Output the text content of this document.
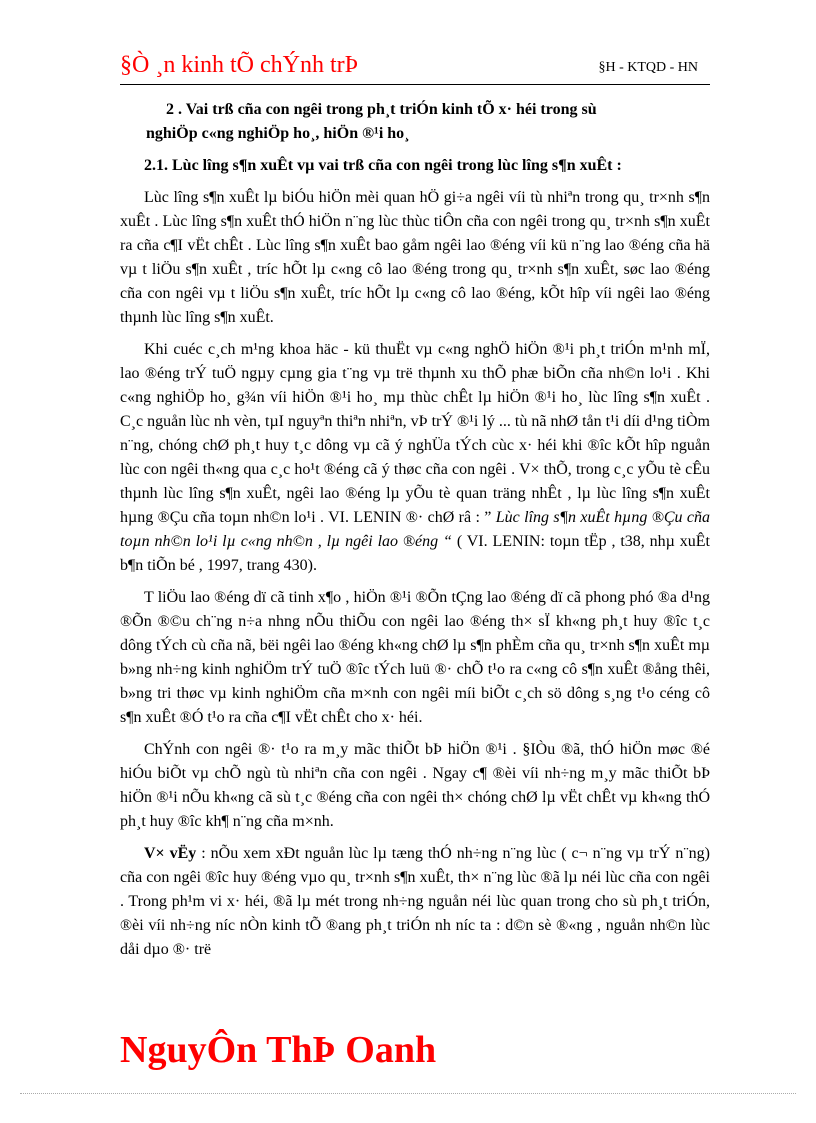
§Ò ¸n kinh tÕ chÝnh trÞ	§H - KTQD - HN
2 . Vai trß cña con ngêi trong ph¸t triÓn kinh tÕ x· héi trong sù
nghiÖp c«ng nghiÖp ho¸, hiÖn ®¹i ho¸
2.1. Lùc lîng s¶n xuÊt vµ vai trß cña con ngêi trong lùc lîng s¶n xuÊt :

Lùc lîng s¶n xuÊt lµ biÓu hiÖn mèi quan hÖ gi÷a ngêi víi tù nhiªn trong qu¸ tr×nh s¶n xuÊt . Lùc lîng s¶n xuÊt thÓ hiÖn n¨ng lùc thùc tiÔn cña con ngêi trong qu¸ tr×nh s¶n xuÊt ra cña c¶I vËt chÊt . Lùc lîng s¶n xuÊt bao gåm ngêi lao ®éng víi kü n¨ng lao ®éng cña hä vµ t liÖu s¶n xuÊt , tríc hÕt lµ c«ng cô lao ®éng trong qu¸ tr×nh s¶n xuÊt, søc lao ®éng cña con ngêi vµ t liÖu s¶n xuÊt, tríc hÕt lµ c«ng cô lao ®éng, kÕt hîp víi ngêi lao ®éng thµnh lùc lîng s¶n xuÊt.

Khi cuéc c¸ch m¹ng khoa häc - kü thuËt vµ c«ng nghÖ hiÖn ®¹i ph¸t triÓn m¹nh mÏ, lao ®éng trÝ tuÖ ngµy cµng gia t¨ng vµ trë thµnh xu thÕ phæ biÕn cña nh©n lo¹i . Khi c«ng nghiÖp ho¸ g¾n víi hiÖn ®¹i ho¸ mµ thùc chÊt lµ hiÖn ®¹i ho¸ lùc lîng s¶n xuÊt . C¸c nguån lùc nh vèn, tµI nguyªn thiªn nhiªn, vÞ trÝ ®¹i lý ... tù nã nhØ tån t¹i díi d¹ng tiÒm n¨ng, chóng chØ ph¸t huy t¸c dông vµ cã ý nghÜa tÝch cùc x· héi khi ®îc kÕt hîp nguån lùc con ngêi th«ng qua c¸c ho¹t ®éng cã ý thøc cña con ngêi . V× thÕ, trong c¸c yÕu tè cÊu thµnh lùc lîng s¶n xuÊt, ngêi lao ®éng lµ yÕu tè quan träng nhÊt , lµ lùc lîng s¶n xuÊt hµng ®Çu cña toµn nh©n lo¹i . VI. LENIN ®· chØ râ : ” Lùc lîng s¶n xuÊt hµng ®Çu cña toµn nh©n lo¹i lµ c«ng nh©n , lµ ngêi lao ®éng “ ( VI. LENIN: toµn tËp , t38, nhµ xuÊt b¶n tiÕn bé , 1997, trang 430).

T liÖu lao ®éng dï cã tinh x¶o , hiÖn ®¹i ®Õn tÇng lao ®éng dï cã phong phó ®a d¹ng ®Õn ®©u ch¨ng n÷a nhng nÕu thiÕu con ngêi lao ®éng th× sÏ kh«ng ph¸t huy ®îc t¸c dông tÝch cù cña nã, bëi ngêi lao ®éng kh«ng chØ lµ s¶n phÈm cña qu¸ tr×nh s¶n xuÊt mµ b»ng nh÷ng kinh nghiÖm trÝ tuÖ ®îc tÝch luü ®· chÕ t¹o ra c«ng cô s¶n xuÊt ®ång thêi, b»ng tri thøc vµ kinh nghiÖm cña m×nh con ngêi míi biÕt c¸ch sö dông s¸ng t¹o céng cô s¶n xuÊt ®Ó t¹o ra cña c¶I vËt chÊt cho x· héi.

ChÝnh con ngêi ®· t¹o ra m¸y mãc thiÕt bÞ hiÖn ®¹i . §IÒu ®ã, thÓ hiÖn møc ®é hiÓu biÕt vµ chÕ ngù tù nhiªn cña con ngêi . Ngay c¶ ®èi víi nh÷ng m¸y mãc thiÕt bÞ hiÖn ®¹i nÕu kh«ng cã sù t¸c ®éng cña con ngêi th× chóng chØ lµ vËt chÊt vµ kh«ng thÓ ph¸t huy ®îc kh¶ n¨ng cña m×nh.

V× vËy : nÕu xem xÐt nguån lùc lµ tæng thÓ nh÷ng n¨ng lùc ( c¬ n¨ng vµ trÝ n¨ng) cña con ngêi ®îc huy ®éng vµo qu¸ tr×nh s¶n xuÊt, th× n¨ng lùc ®ã lµ néi lùc cña con ngêi . Trong ph¹m vi x· héi, ®ã lµ mét trong nh÷ng nguån néi lùc quan trong cho sù ph¸t triÓn, ®èi víi nh÷ng níc nÒn kinh tÕ ®ang ph¸t triÓn nh níc ta : d©n sè ®«ng , nguån nh©n lùc dåi dµo ®· trë

NguyÔn ThÞ Oanh
